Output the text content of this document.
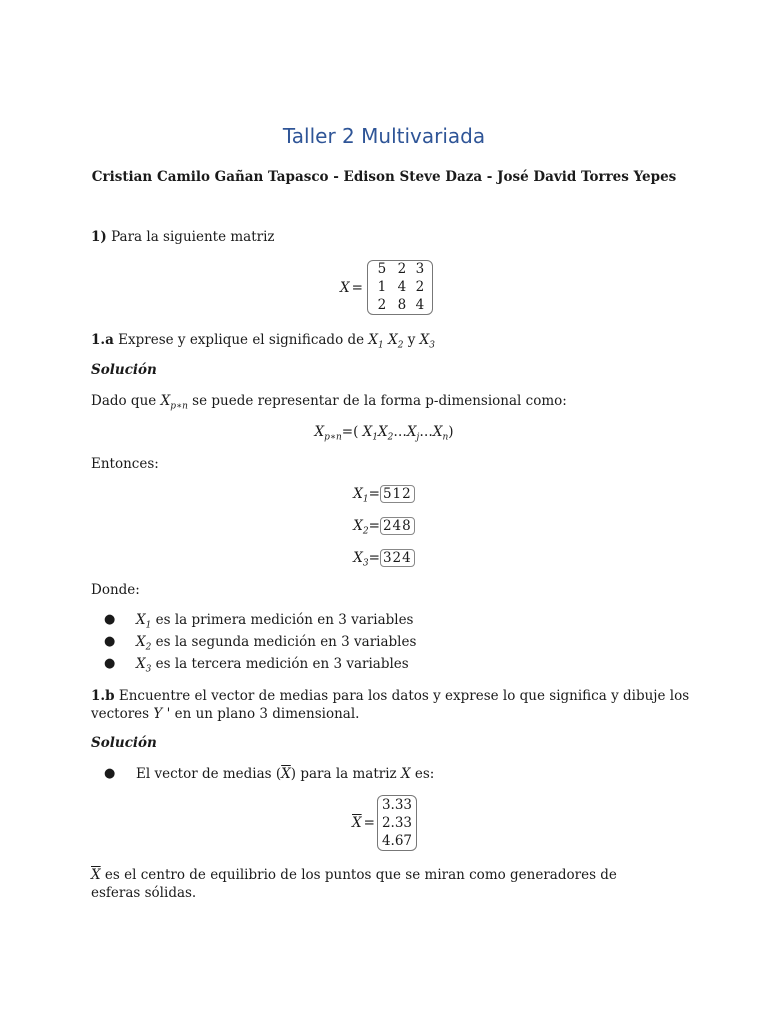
Taller 2 Multivariada
Cristian Camilo Gañan Tapasco - Edison Steve Daza - José David Torres Yepes
1) Para la siguiente matriz
X =
5 2 3
1 4 2
2 8 4
1.a Exprese y explique el significado de $X_1$ $X_2$ y $X_3$
Solución
Dado que $X_{p∗n}$ se puede representar de la forma p-dimensional como:
$X_{p∗n}=$( $X_1X_2\dots X_j\dots X_n$)
Entonces:
$X_1= 512$
$X_2= 248$
$X_3= 324$
Donde:
● $X_1$ es la primera medición en 3 variables
● $X_2$ es la segunda medición en 3 variables
● $X_3$ es la tercera medición en 3 variables
1.b Encuentre el vector de medias para los datos y exprese lo que significa y dibuje los
vectores Y ' en un plano 3 dimensional.
Solución
● El vector de medias $(\overline{X})$ para la matriz X es:
$\overline{X}$ =
3.33
2.33
4.67
$\overline{X}$ es el centro de equilibrio de los puntos que se miran como generadores de esferas sólidas.
